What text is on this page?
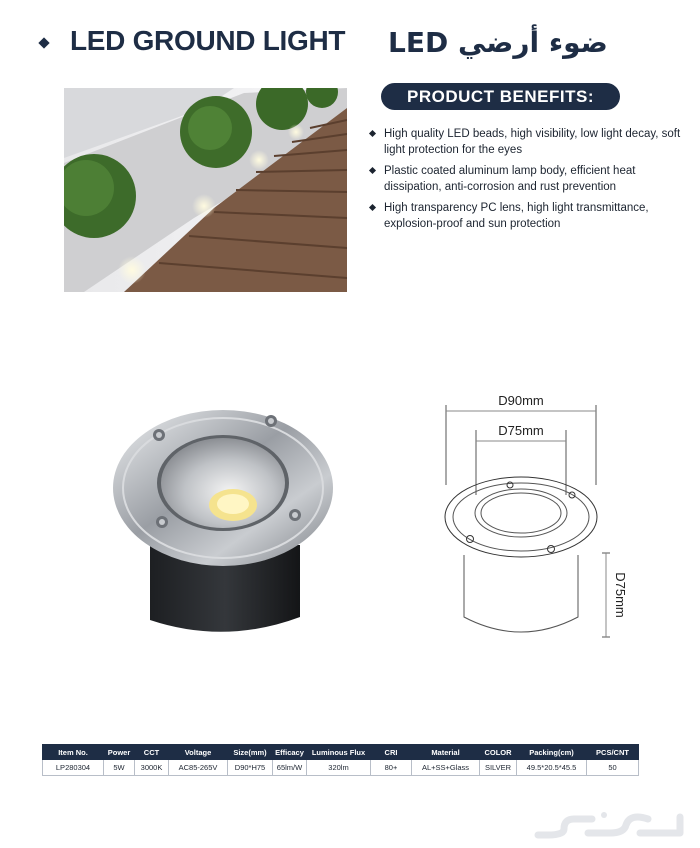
LED GROUND LIGHT LED ضوء أرضي
PRODUCT BENEFITS:
High quality LED beads, high visibility, low light decay, soft light protection for the eyes
Plastic coated aluminum lamp body, efficient heat dissipation, anti-corrosion and rust prevention
High transparency PC lens, high light transmittance, explosion-proof and sun protection
D90mm
D75mm
D75mm
Item No.	Power	CCT	Voltage	Size(mm)	Efficacy	Luminous Flux	CRI	Material	COLOR	Packing(cm)	PCS/CNT
LP280304	5W	3000K	AC85-265V	D90*H75	65lm/W	320lm	80+	AL+SS+Glass	SILVER	49.5*20.5*45.5	50
